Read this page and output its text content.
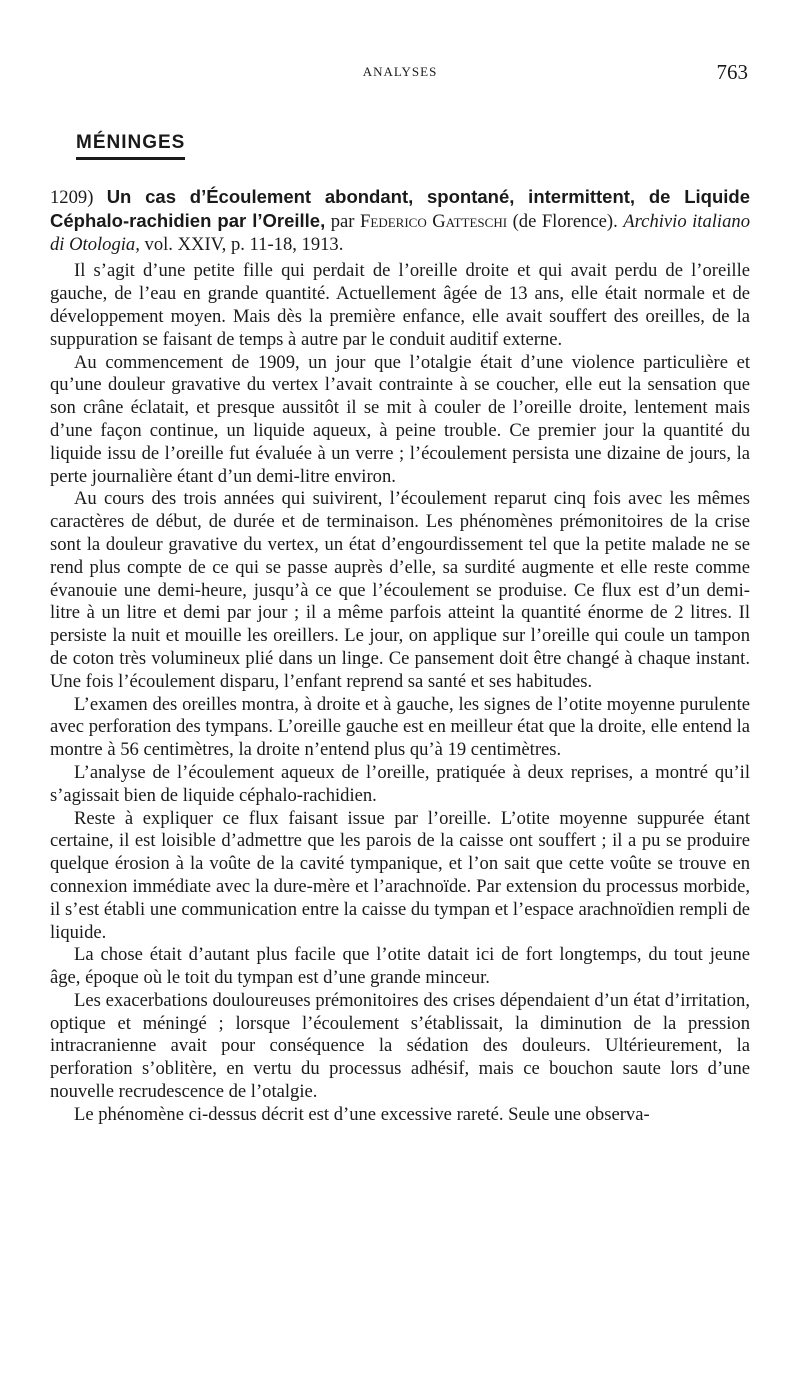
ANALYSES	763
MÉNINGES

1209) Un cas d’Écoulement abondant, spontané, intermittent, de Liquide Céphalo-rachidien par l’Oreille, par Federico Gatteschi (de Florence). Archivio italiano di Otologia, vol. XXIV, p. 11-18, 1913.

Il s’agit d’une petite fille qui perdait de l’oreille droite et qui avait perdu de l’oreille gauche, de l’eau en grande quantité. Actuellement âgée de 13 ans, elle était normale et de développement moyen. Mais dès la première enfance, elle avait souffert des oreilles, de la suppuration se faisant de temps à autre par le conduit auditif externe.

Au commencement de 1909, un jour que l’otalgie était d’une violence particulière et qu’une douleur gravative du vertex l’avait contrainte à se coucher, elle eut la sensation que son crâne éclatait, et presque aussitôt il se mit à couler de l’oreille droite, lentement mais d’une façon continue, un liquide aqueux, à peine trouble. Ce premier jour la quantité du liquide issu de l’oreille fut évaluée à un verre ; l’écoulement persista une dizaine de jours, la perte journalière étant d’un demi-litre environ.

Au cours des trois années qui suivirent, l’écoulement reparut cinq fois avec les mêmes caractères de début, de durée et de terminaison. Les phénomènes prémonitoires de la crise sont la douleur gravative du vertex, un état d’engourdissement tel que la petite malade ne se rend plus compte de ce qui se passe auprès d’elle, sa surdité augmente et elle reste comme évanouie une demi-heure, jusqu’à ce que l’écoulement se produise. Ce flux est d’un demi-litre à un litre et demi par jour ; il a même parfois atteint la quantité énorme de 2 litres. Il persiste la nuit et mouille les oreillers. Le jour, on applique sur l’oreille qui coule un tampon de coton très volumineux plié dans un linge. Ce pansement doit être changé à chaque instant. Une fois l’écoulement disparu, l’enfant reprend sa santé et ses habitudes.

L’examen des oreilles montra, à droite et à gauche, les signes de l’otite moyenne purulente avec perforation des tympans. L’oreille gauche est en meilleur état que la droite, elle entend la montre à 56 centimètres, la droite n’entend plus qu’à 19 centimètres.

L’analyse de l’écoulement aqueux de l’oreille, pratiquée à deux reprises, a montré qu’il s’agissait bien de liquide céphalo-rachidien.

Reste à expliquer ce flux faisant issue par l’oreille. L’otite moyenne suppurée étant certaine, il est loisible d’admettre que les parois de la caisse ont souffert ; il a pu se produire quelque érosion à la voûte de la cavité tympanique, et l’on sait que cette voûte se trouve en connexion immédiate avec la dure-mère et l’arachnoïde. Par extension du processus morbide, il s’est établi une communication entre la caisse du tympan et l’espace arachnoïdien rempli de liquide.

La chose était d’autant plus facile que l’otite datait ici de fort longtemps, du tout jeune âge, époque où le toit du tympan est d’une grande minceur.

Les exacerbations douloureuses prémonitoires des crises dépendaient d’un état d’irritation, optique et méningé ; lorsque l’écoulement s’établissait, la diminution de la pression intracranienne avait pour conséquence la sédation des douleurs. Ultérieurement, la perforation s’oblitère, en vertu du processus adhésif, mais ce bouchon saute lors d’une nouvelle recrudescence de l’otalgie.

Le phénomène ci-dessus décrit est d’une excessive rareté. Seule une observa-
